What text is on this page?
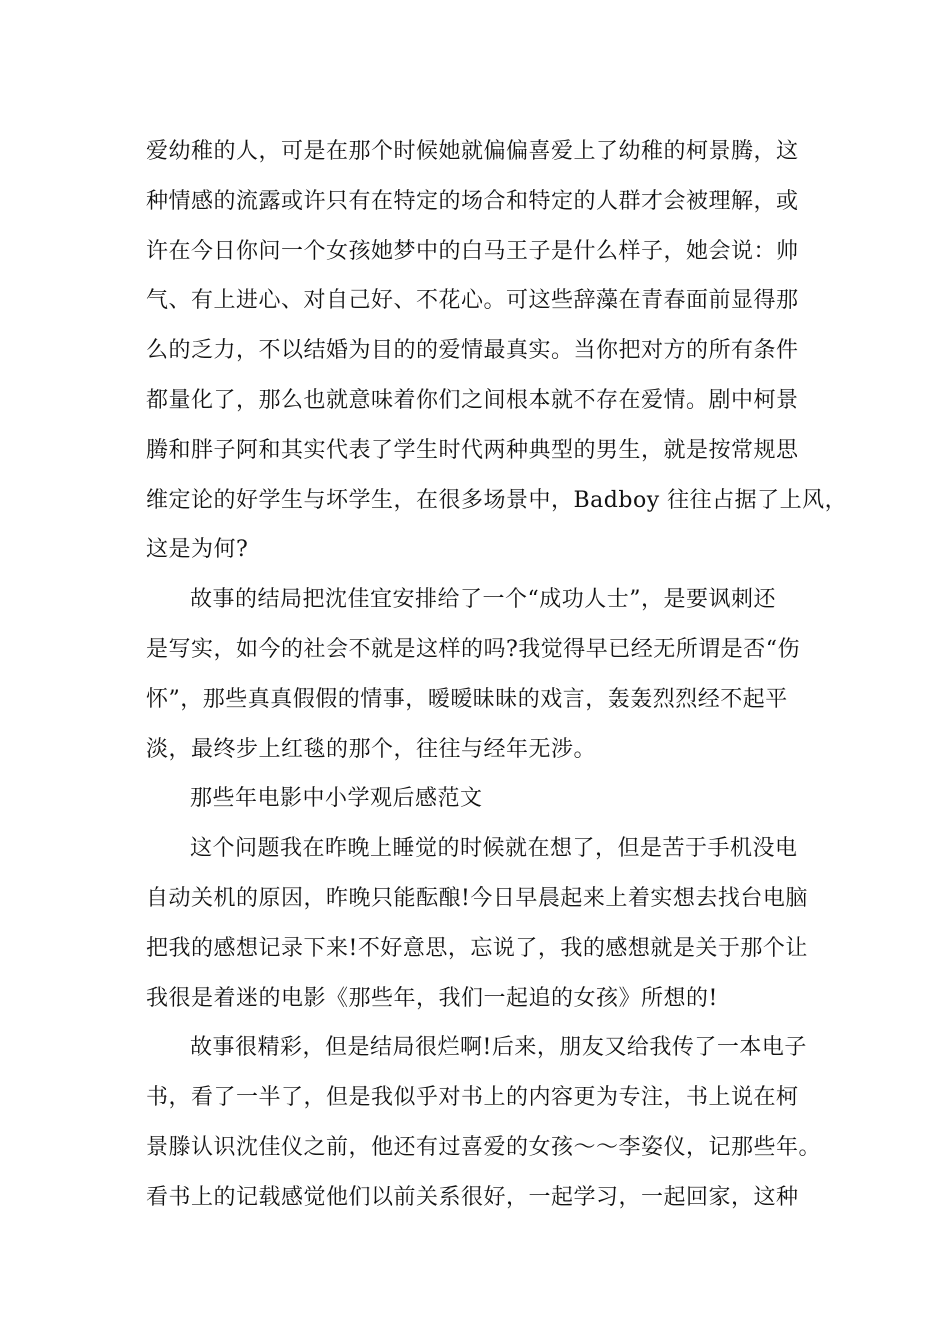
爱幼稚的人，可是在那个时候她就偏偏喜爱上了幼稚的柯景腾，这
种情感的流露或许只有在特定的场合和特定的人群才会被理解，或
许在今日你问一个女孩她梦中的白马王子是什么样子，她会说：帅
气、有上进心、对自己好、不花心。可这些辞藻在青春面前显得那
么的乏力，不以结婚为目的的爱情最真实。当你把对方的所有条件
都量化了，那么也就意味着你们之间根本就不存在爱情。剧中柯景
腾和胖子阿和其实代表了学生时代两种典型的男生，就是按常规思
维定论的好学生与坏学生，在很多场景中，Badboy 往往占据了上风，
这是为何?
故事的结局把沈佳宜安排给了一个“成功人士”，是要讽刺还
是写实，如今的社会不就是这样的吗?我觉得早已经无所谓是否“伤
怀”，那些真真假假的情事，暧暧昧昧的戏言，轰轰烈烈经不起平
淡，最终步上红毯的那个，往往与经年无涉。
那些年电影中小学观后感范文
这个问题我在昨晚上睡觉的时候就在想了，但是苦于手机没电
自动关机的原因，昨晚只能酝酿!今日早晨起来上着实想去找台电脑
把我的感想记录下来!不好意思，忘说了，我的感想就是关于那个让
我很是着迷的电影《那些年，我们一起追的女孩》所想的!
故事很精彩，但是结局很烂啊!后来，朋友又给我传了一本电子
书，看了一半了，但是我似乎对书上的内容更为专注，书上说在柯
景滕认识沈佳仪之前，他还有过喜爱的女孩～～李姿仪，记那些年。
看书上的记载感觉他们以前关系很好，一起学习，一起回家，这种
